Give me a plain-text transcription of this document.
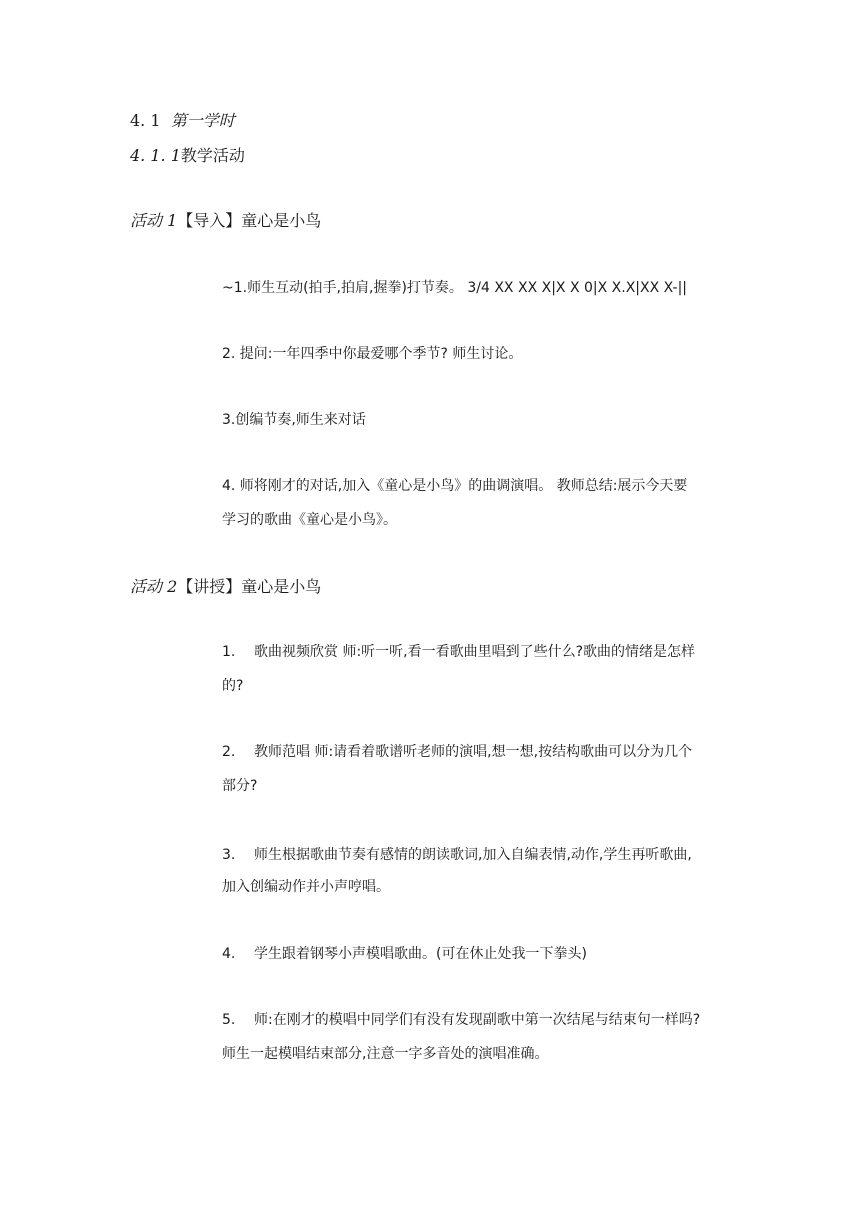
4. 1 第一学时
4. 1. 1教学活动
活动 1【导入】童心是小鸟
~1.师生互动(拍手,拍肩,握拳)打节奏。 3/4 XX XX X|X X 0|X X.X|XX X-||
2. 提问:一年四季中你最爱哪个季节? 师生讨论。
3.创编节奏,师生来对话
4. 师将刚才的对话,加入《童心是小鸟》的曲调演唱。 教师总结:展示今天要
学习的歌曲《童心是小鸟》。
活动 2【讲授】童心是小鸟
1. 歌曲视频欣赏 师:听一听,看一看歌曲里唱到了些什么?歌曲的情绪是怎样
的?
2. 教师范唱 师:请看着歌谱听老师的演唱,想一想,按结构歌曲可以分为几个
部分?
3. 师生根据歌曲节奏有感情的朗读歌词,加入自编表情,动作,学生再听歌曲,
加入创编动作并小声哼唱。
4. 学生跟着钢琴小声模唱歌曲。(可在休止处我一下拳头)
5. 师:在刚才的模唱中同学们有没有发现副歌中第一次结尾与结束句一样吗?
师生一起模唱结束部分,注意一字多音处的演唱准确。
